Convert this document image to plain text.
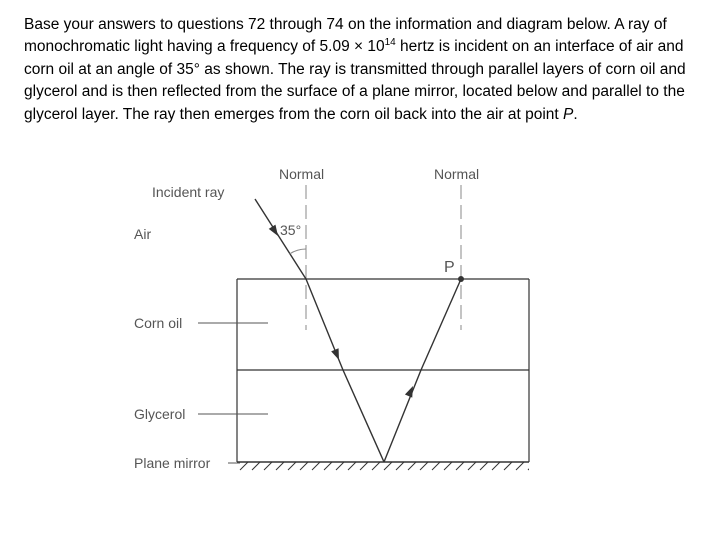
Base your answers to questions 72 through 74 on the information and diagram below. A ray of monochromatic light having a frequency of $5.09 \times 10^{14}$ hertz is incident on an interface of air and corn oil at an angle of 35° as shown. The ray is transmitted through parallel layers of corn oil and glycerol and is then reflected from the surface of a plane mirror, located below and parallel to the glycerol layer. The ray then emerges from the corn oil back into the air at point P.

Normal	Normal
Incident ray
Air	35°
P
Corn oil
Glycerol
Plane mirror
